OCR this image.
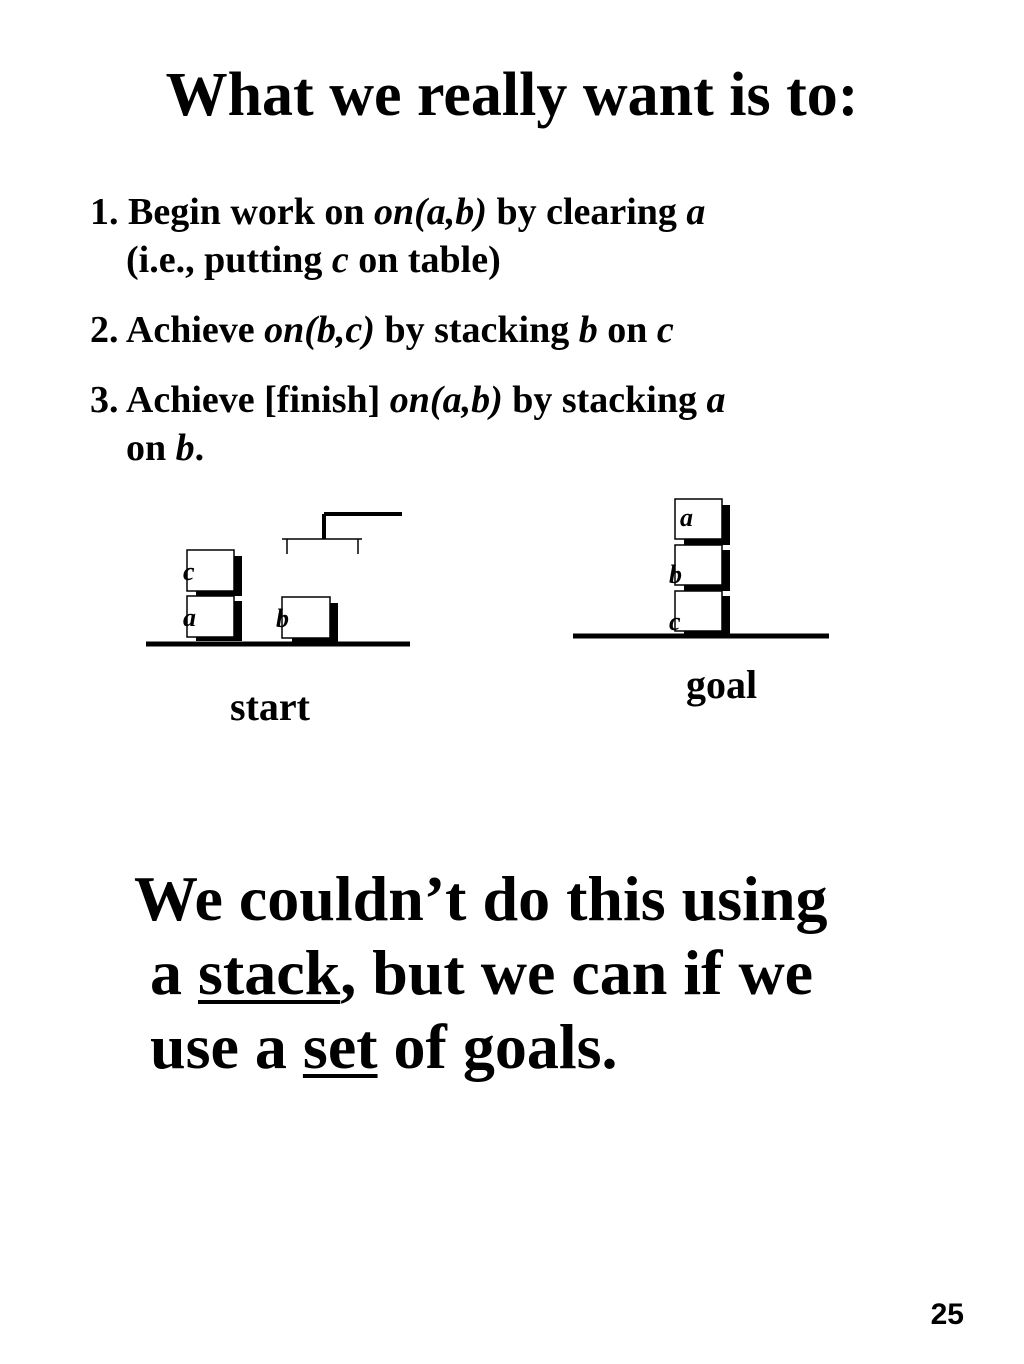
What we really want is to:
1. Begin work on on(a,b) by clearing a
(i.e., putting c on table)
2. Achieve on(b,c) by stacking b on c
3. Achieve [finish] on(a,b) by stacking a
on b.
a
c
b	c
b
a
start	goal
We couldn’t do this using
a stack, but we can if we
use a set of goals.
25
